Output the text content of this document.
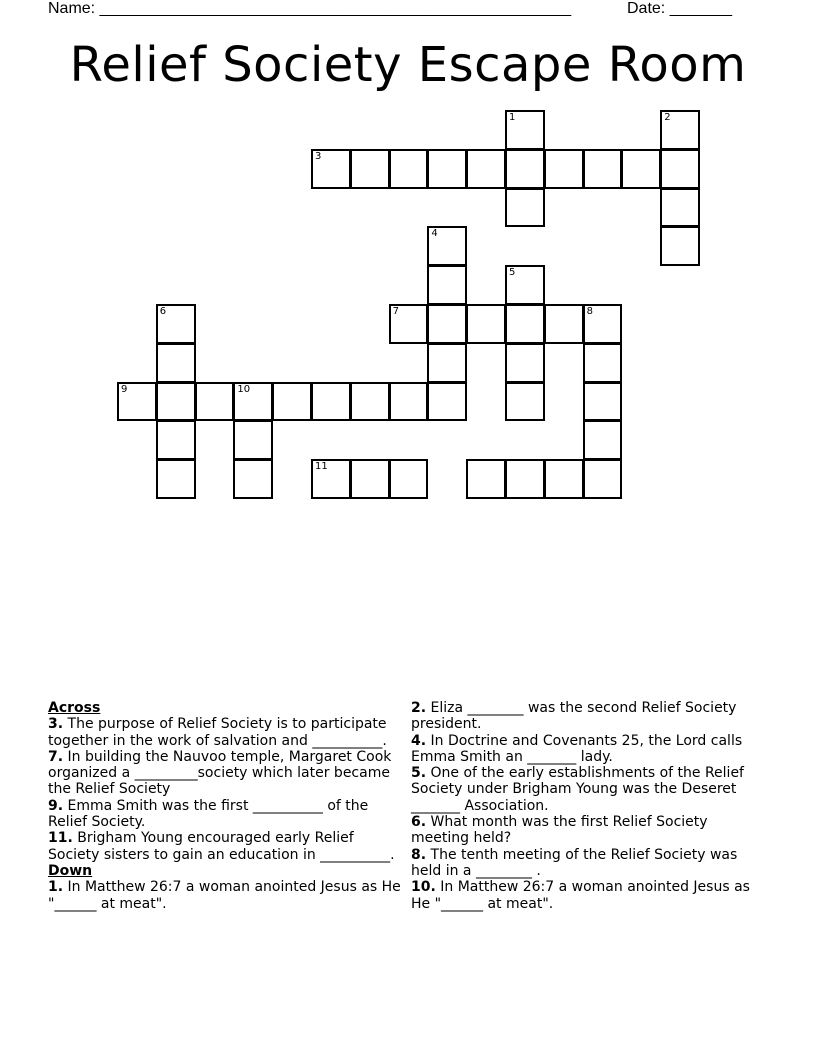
Name: _____________________________________________________	Date: _______
Relief Society Escape Room
1	2
3
4
5
6	7	8
9	10
11
Across
3. The purpose of Relief Society is to participate together in the work of salvation and __________.
7. In building the Nauvoo temple, Margaret Cook organized a _________society which later became the Relief Society
9. Emma Smith was the first __________ of the Relief Society.
11. Brigham Young encouraged early Relief Society sisters to gain an education in __________.
Down
1. In Matthew 26:7 a woman anointed Jesus as He "______ at meat".
2. Eliza ________ was the second Relief Society president.
4. In Doctrine and Covenants 25, the Lord calls Emma Smith an _______ lady.
5. One of the early establishments of the Relief Society under Brigham Young was the Deseret _______ Association.
6. What month was the first Relief Society meeting held?
8. The tenth meeting of the Relief Society was held in a ________ .
10. In Matthew 26:7 a woman anointed Jesus as He "______ at meat".
